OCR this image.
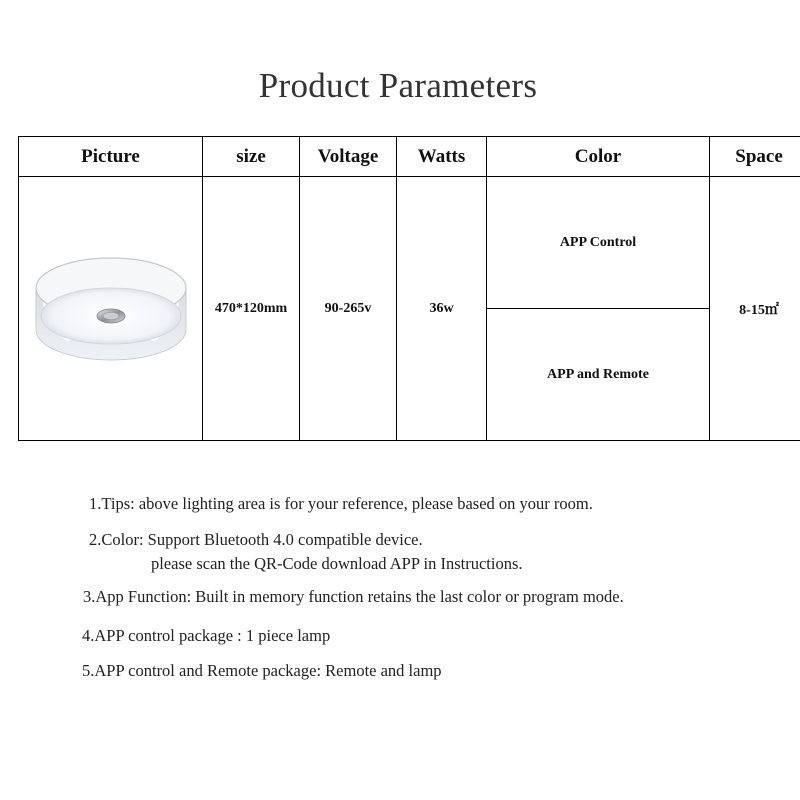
Product Parameters
Picture	size	Voltage	Watts	Color	Space

	470*120mm	90-265v	36w	APP Control	8-15㎡
				APP and Remote	
1.Tips: above lighting area is for your reference, please based on your room.
2.Color: Support Bluetooth 4.0 compatible device.
please scan the QR-Code download APP in Instructions.
3.App Function: Built in memory function retains the last color or program mode.
4.APP control package : 1 piece lamp
5.APP control and Remote package: Remote and lamp
